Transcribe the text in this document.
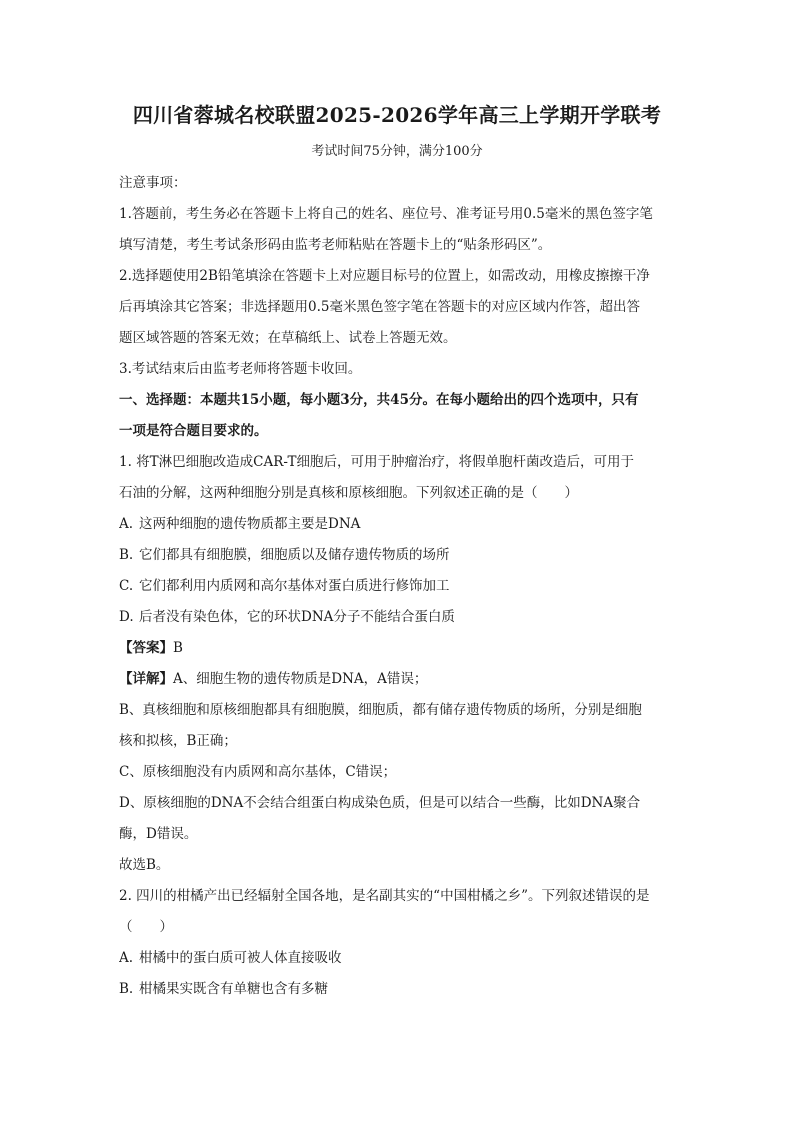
四川省蓉城名校联盟2025-2026学年高三上学期开学联考
考试时间75分钟，满分100分
注意事项：
1.答题前，考生务必在答题卡上将自己的姓名、座位号、准考证号用0.5毫米的黑色签字笔
填写清楚，考生考试条形码由监考老师粘贴在答题卡上的“贴条形码区”。
2.选择题使用2B铅笔填涂在答题卡上对应题目标号的位置上，如需改动，用橡皮擦擦干净
后再填涂其它答案；非选择题用0.5毫米黑色签字笔在答题卡的对应区域内作答，超出答
题区域答题的答案无效；在草稿纸上、试卷上答题无效。
3.考试结束后由监考老师将答题卡收回。
一、选择题：本题共15小题，每小题3分，共45分。在每小题给出的四个选项中，只有
一项是符合题目要求的。
1. 将T淋巴细胞改造成CAR-T细胞后，可用于肿瘤治疗，将假单胞杆菌改造后，可用于
石油的分解，这两种细胞分别是真核和原核细胞。下列叙述正确的是（　　）
A. 这两种细胞的遗传物质都主要是DNA
B. 它们都具有细胞膜，细胞质以及储存遗传物质的场所
C. 它们都利用内质网和高尔基体对蛋白质进行修饰加工
D. 后者没有染色体，它的环状DNA分子不能结合蛋白质
【答案】B
【详解】A、细胞生物的遗传物质是DNA，A错误；
B、真核细胞和原核细胞都具有细胞膜，细胞质，都有储存遗传物质的场所，分别是细胞
核和拟核，B正确；
C、原核细胞没有内质网和高尔基体，C错误；
D、原核细胞的DNA不会结合组蛋白构成染色质，但是可以结合一些酶，比如DNA聚合
酶，D错误。
故选B。
2. 四川的柑橘产出已经辐射全国各地，是名副其实的“中国柑橘之乡”。下列叙述错误的是
（　　）
A. 柑橘中的蛋白质可被人体直接吸收
B. 柑橘果实既含有单糖也含有多糖
